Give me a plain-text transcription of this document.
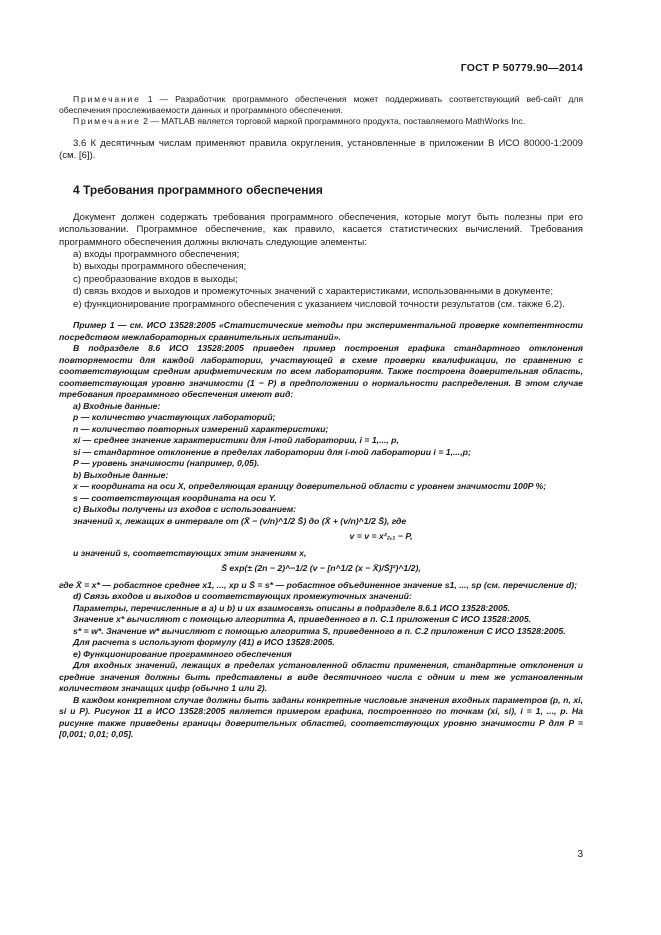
ГОСТ Р 50779.90—2014

Примечание 1 — Разработчик программного обеспечения может поддерживать соответствующий веб-сайт для обеспечения прослеживаемости данных и программного обеспечения.

Примечание 2 — MATLAB является торговой маркой программного продукта, поставляемого MathWorks Inc.

3.6 К десятичным числам применяют правила округления, установленные в приложении В ИСО 80000-1:2009 (см. [6]).

4 Требования программного обеспечения

Документ должен содержать требования программного обеспечения, которые могут быть полезны при его использовании. Программное обеспечение, как правило, касается статистических вычислений. Требования программного обеспечения должны включать следующие элементы:

a) входы программного обеспечения;

b) выходы программного обеспечения;

c) преобразование входов в выходы;

d) связь входов и выходов и промежуточных значений с характеристиками, использованными в документе;

e) функционирование программного обеспечения с указанием числовой точности результатов (см. также 6.2).

Пример 1 — см. ИСО 13528:2005 «Статистические методы при экспериментальной проверке компетентности посредством межлабораторных сравнительных испытаний».

В подразделе 8.6 ИСО 13528:2005 приведен пример построения графика стандартного отклонения повторяемости для каждой лаборатории, участвующей в схеме проверки квалификации, по сравнению с соответствующим средним арифметическим по всем лабораториям. Также построена доверительная область, соответствующая уровню значимости (1 − P) в предположении о нормальности распределения. В этом случае требования программного обеспечения имеют вид:

a) Входные данные:

p — количество участвующих лабораторий;

n — количество повторных измерений характеристики;

xi — среднее значение характеристики для i-той лаборатории, i = 1,..., p,

si — стандартное отклонение в пределах лаборатории для i-той лаборатории i = 1,...,p;

P — уровень значимости (например, 0,05).

b) Выходные данные:

x — координата на оси X, определяющая границу доверительной области с уровнем значимости 100P %;

s — соответствующая координата на оси Y.

c) Выходы получены из входов с использованием:

значений x, лежащих в интервале от (X̄ − (v/n)^1/2 S̄) до (X̄ + (v/n)^1/2 S̄), где

v = ν = x²₂,₁ − P,

и значений s, соответствующих этим значениям x,

S̄ exp(± (2n − 2)^−1/2 (v − [n^1/2 (x − X̄)/S̄]²)^1/2),

где X̄ = x* — робастное среднее x1, ..., xp и S̄ = s* — робастное объединенное значение s1, ..., sp (см. перечисление d);

d) Связь входов и выходов и соответствующих промежуточных значений:

Параметры, перечисленные в а) и b) и их взаимосвязь описаны в подразделе 8.6.1 ИСО 13528:2005.

Значение x* вычисляют с помощью алгоритма А, приведенного в п. С.1 приложения С ИСО 13528:2005.

s* = w*. Значение w* вычисляют с помощью алгоритма S, приведенного в п. С.2 приложения С ИСО 13528:2005.

Для расчета s используют формулу (41) в ИСО 13528:2005.

e) Функционирование программного обеспечения

Для входных значений, лежащих в пределах установленной области применения, стандартные отклонения и средние значения должны быть представлены в виде десятичного числа с одним и тем же установленным количеством значащих цифр (обычно 1 или 2).

В каждом конкретном случае должны быть заданы конкретные числовые значения входных параметров (p, n, xi, si и P). Рисунок 11 в ИСО 13528:2005 является примером графика, построенного по точкам (xi, si), i = 1, ..., p. На рисунке также приведены границы доверительных областей, соответствующих уровню значимости P для P = [0,001; 0,01; 0,05].

3
